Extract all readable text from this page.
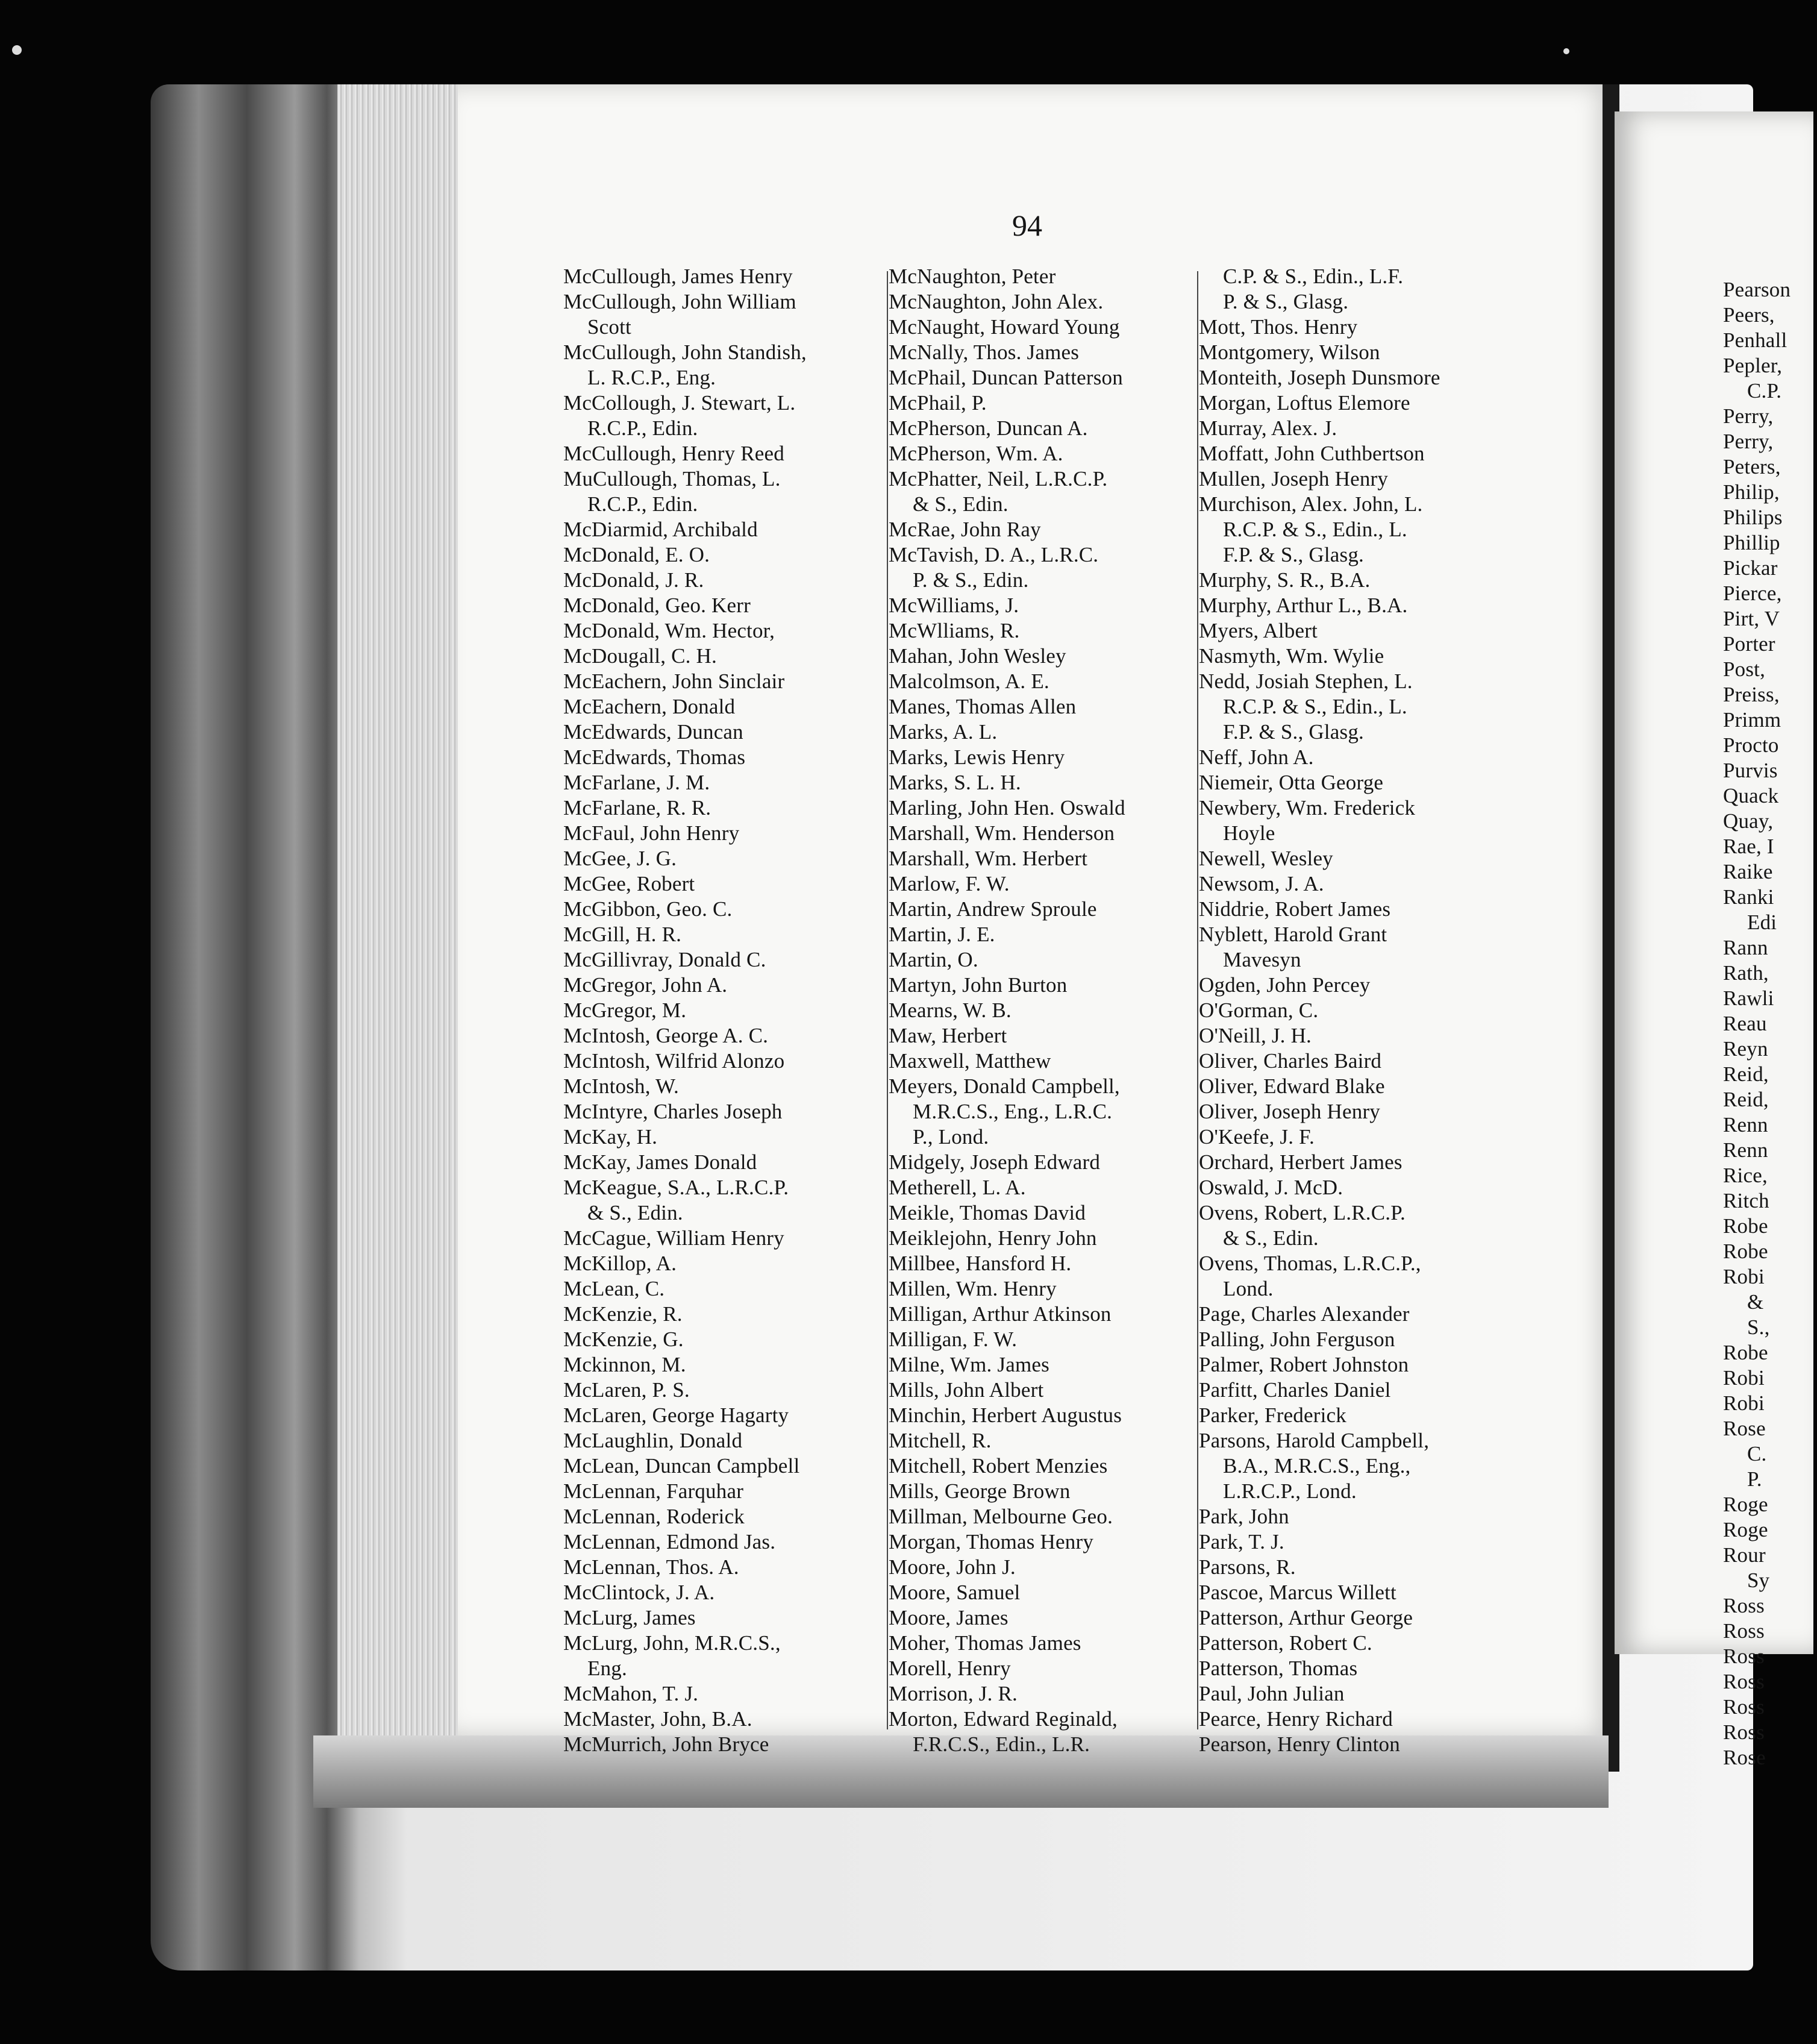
94
McCullough, James Henry
McCullough, John William
Scott
McCullough, John Standish,
L. R.C.P., Eng.
McCollough, J. Stewart, L.
R.C.P., Edin.
McCullough, Henry Reed
MuCullough, Thomas, L.
R.C.P., Edin.
McDiarmid, Archibald
McDonald, E. O.
McDonald, J. R.
McDonald, Geo. Kerr
McDonald, Wm. Hector,
McDougall, C. H.
McEachern, John Sinclair
McEachern, Donald
McEdwards, Duncan
McEdwards, Thomas
McFarlane, J. M.
McFarlane, R. R.
McFaul, John Henry
McGee, J. G.
McGee, Robert
McGibbon, Geo. C.
McGill, H. R.
McGillivray, Donald C.
McGregor, John A.
McGregor, M.
McIntosh, George A. C.
McIntosh, Wilfrid Alonzo
McIntosh, W.
McIntyre, Charles Joseph
McKay, H.
McKay, James Donald
McKeague, S.A., L.R.C.P.
& S., Edin.
McCague, William Henry
McKillop, A.
McLean, C.
McKenzie, R.
McKenzie, G.
Mckinnon, M.
McLaren, P. S.
McLaren, George Hagarty
McLaughlin, Donald
McLean, Duncan Campbell
McLennan, Farquhar
McLennan, Roderick
McLennan, Edmond Jas.
McLennan, Thos. A.
McClintock, J. A.
McLurg, James
McLurg, John, M.R.C.S.,
Eng.
McMahon, T. J.
McMaster, John, B.A.
McMurrich, John Bryce
McNaughton, Peter
McNaughton, John Alex.
McNaught, Howard Young
McNally, Thos. James
McPhail, Duncan Patterson
McPhail, P.
McPherson, Duncan A.
McPherson, Wm. A.
McPhatter, Neil, L.R.C.P.
& S., Edin.
McRae, John Ray
McTavish, D. A., L.R.C.
P. & S., Edin.
McWilliams, J.
McWlliams, R.
Mahan, John Wesley
Malcolmson, A. E.
Manes, Thomas Allen
Marks, A. L.
Marks, Lewis Henry
Marks, S. L. H.
Marling, John Hen. Oswald
Marshall, Wm. Henderson
Marshall, Wm. Herbert
Marlow, F. W.
Martin, Andrew Sproule
Martin, J. E.
Martin, O.
Martyn, John Burton
Mearns, W. B.
Maw, Herbert
Maxwell, Matthew
Meyers, Donald Campbell,
M.R.C.S., Eng., L.R.C.
P., Lond.
Midgely, Joseph Edward
Metherell, L. A.
Meikle, Thomas David
Meiklejohn, Henry John
Millbee, Hansford H.
Millen, Wm. Henry
Milligan, Arthur Atkinson
Milligan, F. W.
Milne, Wm. James
Mills, John Albert
Minchin, Herbert Augustus
Mitchell, R.
Mitchell, Robert Menzies
Mills, George Brown
Millman, Melbourne Geo.
Morgan, Thomas Henry
Moore, John J.
Moore, Samuel
Moore, James
Moher, Thomas James
Morell, Henry
Morrison, J. R.
Morton, Edward Reginald,
F.R.C.S., Edin., L.R.
C.P. & S., Edin., L.F.
P. & S., Glasg.
Mott, Thos. Henry
Montgomery, Wilson
Monteith, Joseph Dunsmore
Morgan, Loftus Elemore
Murray, Alex. J.
Moffatt, John Cuthbertson
Mullen, Joseph Henry
Murchison, Alex. John, L.
R.C.P. & S., Edin., L.
F.P. & S., Glasg.
Murphy, S. R., B.A.
Murphy, Arthur L., B.A.
Myers, Albert
Nasmyth, Wm. Wylie
Nedd, Josiah Stephen, L.
R.C.P. & S., Edin., L.
F.P. & S., Glasg.
Neff, John A.
Niemeir, Otta George
Newbery, Wm. Frederick
Hoyle
Newell, Wesley
Newsom, J. A.
Niddrie, Robert James
Nyblett, Harold Grant
Mavesyn
Ogden, John Percey
O'Gorman, C.
O'Neill, J. H.
Oliver, Charles Baird
Oliver, Edward Blake
Oliver, Joseph Henry
O'Keefe, J. F.
Orchard, Herbert James
Oswald, J. McD.
Ovens, Robert, L.R.C.P.
& S., Edin.
Ovens, Thomas, L.R.C.P.,
Lond.
Page, Charles Alexander
Palling, John Ferguson
Palmer, Robert Johnston
Parfitt, Charles Daniel
Parker, Frederick
Parsons, Harold Campbell,
B.A., M.R.C.S., Eng.,
L.R.C.P., Lond.
Park, John
Park, T. J.
Parsons, R.
Pascoe, Marcus Willett
Patterson, Arthur George
Patterson, Robert C.
Patterson, Thomas
Paul, John Julian
Pearce, Henry Richard
Pearson, Henry Clinton
Pearson
Peers,
Penhall
Pepler,
C.P.
Perry,
Perry,
Peters,
Philip,
Philips
Phillip
Pickar
Pierce,
Pirt, V
Porter
Post,
Preiss,
Primm
Procto
Purvis
Quack
Quay,
Rae, I
Raike
Ranki
Edi
Rann
Rath,
Rawli
Reau
Reyn
Reid,
Reid,
Renn
Renn
Rice,
Ritch
Robe
Robe
Robi
&
S.,
Robe
Robi
Robi
Rose
C.
P.
Roge
Roge
Rour
Sy
Ross
Ross
Ross
Ross
Ross
Ross
Rose
